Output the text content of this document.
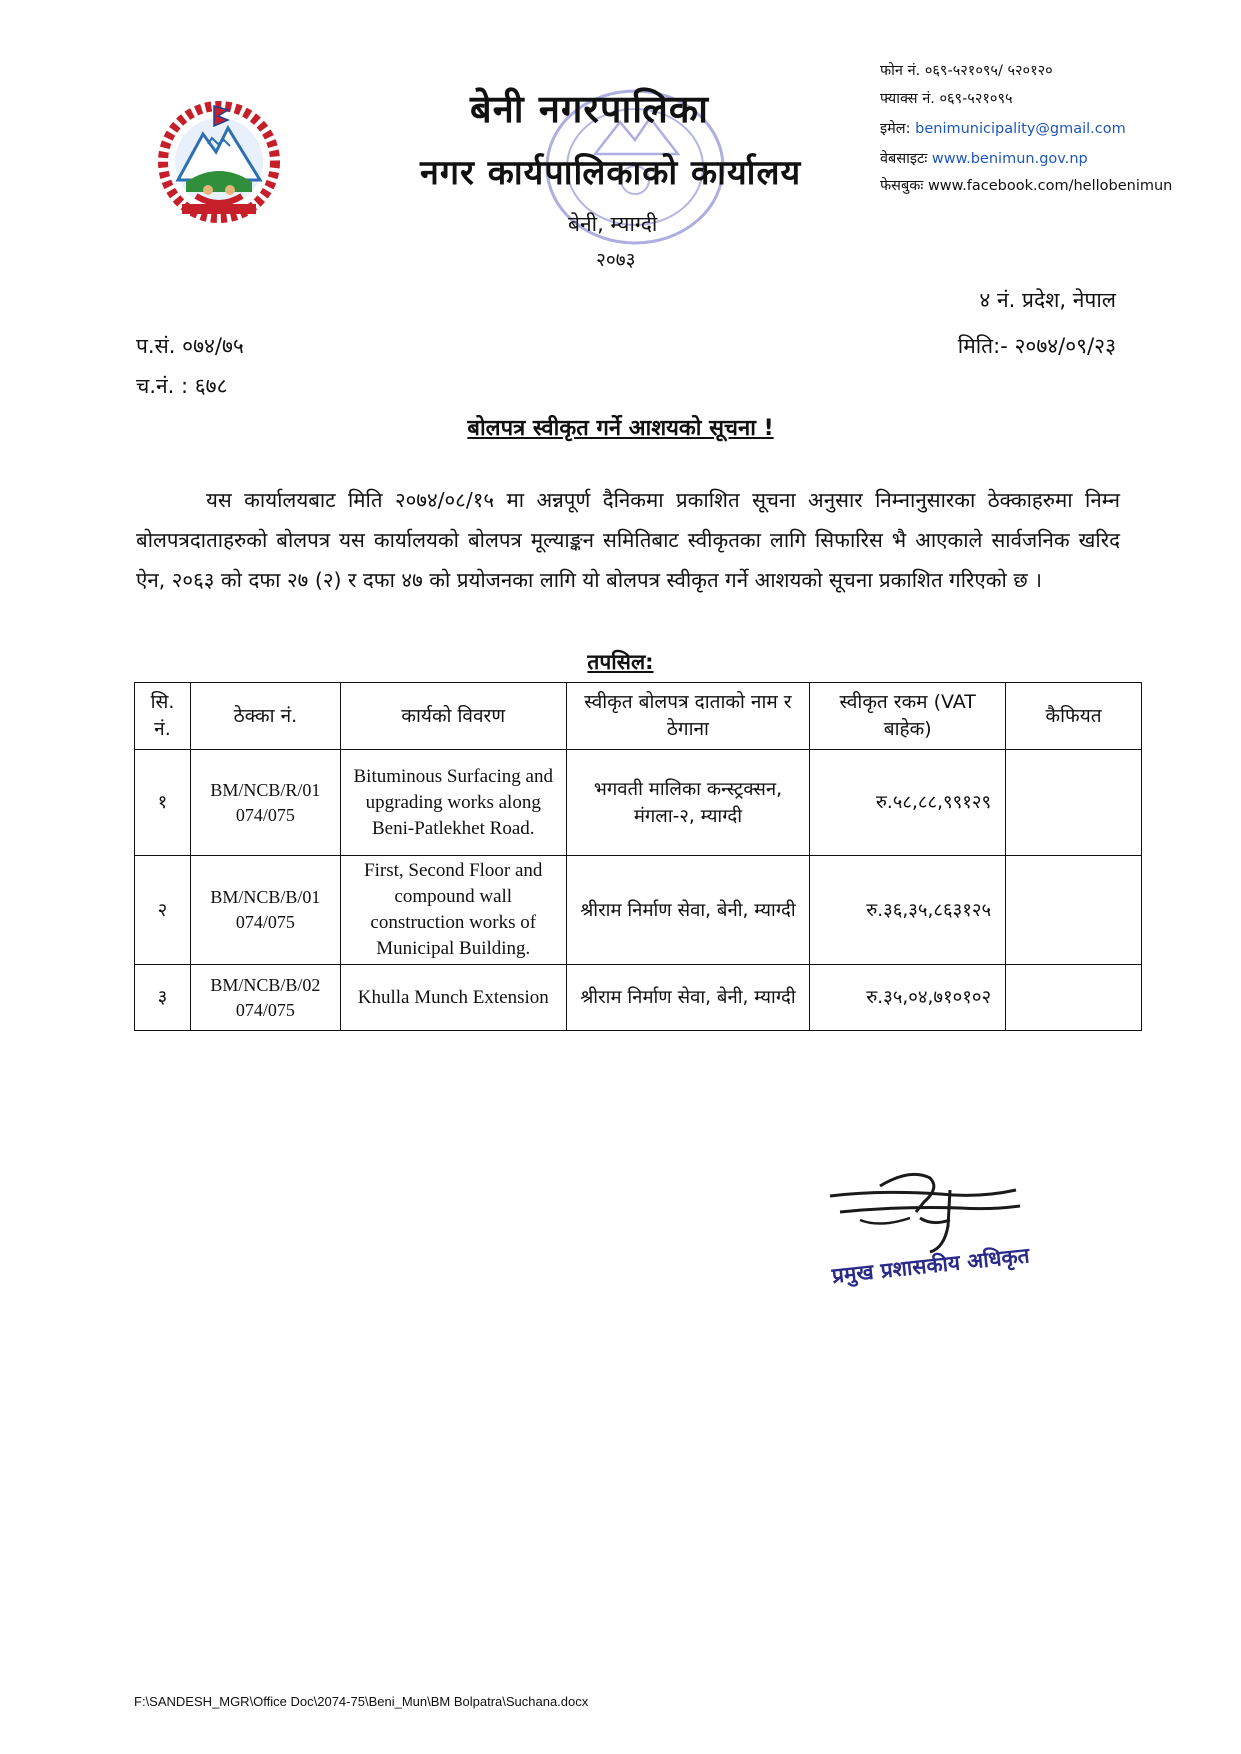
बेनी नगरपालिका
नगर कार्यपालिकाको कार्यालय
बेनी, म्याग्दी
२०७३
फोन नं. ०६९-५२१०९५/ ५२०१२०
फ्याक्स नं. ०६९-५२१०९५
इमेल: benimunicipality@gmail.com
वेबसाइटः www.benimun.gov.np
फेसबुकः www.facebook.com/hellobenimun
४ नं. प्रदेश, नेपाल
प.सं. ०७४/७५	मिति:- २०७४/०९/२३
च.नं. : ६७८
बोलपत्र स्वीकृत गर्ने आशयको सूचना !
यस कार्यालयबाट मिति २०७४/०८/१५ मा अन्नपूर्ण दैनिकमा प्रकाशित सूचना अनुसार निम्नानुसारका ठेक्काहरुमा निम्न बोलपत्रदाताहरुको बोलपत्र यस कार्यालयको बोलपत्र मूल्याङ्कन समितिबाट स्वीकृतका लागि सिफारिस भै आएकाले सार्वजनिक खरिद ऐन, २०६३ को दफा २७ (२) र दफा ४७ को प्रयोजनका लागि यो बोलपत्र स्वीकृत गर्ने आशयको सूचना प्रकाशित गरिएको छ ।
तपसिल:
सि. नं.	ठेक्का नं.	कार्यको विवरण	स्वीकृत बोलपत्र दाताको नाम र ठेगाना	स्वीकृत रकम (VAT बाहेक)	कैफियत
१	BM/NCB/R/01 074/075	Bituminous Surfacing and upgrading works along Beni-Patlekhet Road.	भगवती मालिका कन्स्ट्रक्सन, मंगला-२, म्याग्दी	रु.५८,८८,९९१२९	
२	BM/NCB/B/01 074/075	First, Second Floor and compound wall construction works of Municipal Building.	श्रीराम निर्माण सेवा, बेनी, म्याग्दी	रु.३६,३५,८६३१२५	
३	BM/NCB/B/02 074/075	Khulla Munch Extension	श्रीराम निर्माण सेवा, बेनी, म्याग्दी	रु.३५,०४,७१०१०२	
प्रमुख प्रशासकीय अधिकृत
F:\SANDESH_MGR\Office Doc\2074-75\Beni_Mun\BM Bolpatra\Suchana.docx
